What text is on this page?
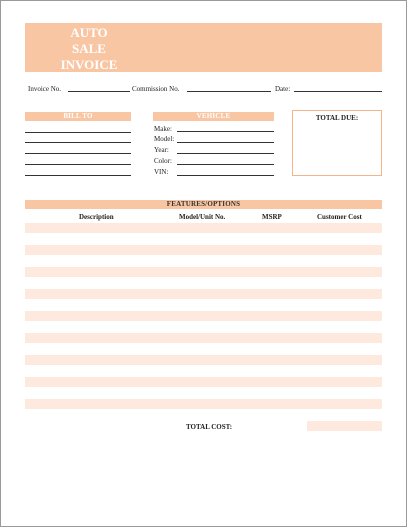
AUTO
SALE
INVOICE
Invoice No.	Commission No.	Date:
BILL TO	VEHICLE
Make:
Model:
Year:
Color:
VIN:
TOTAL DUE:
FEATURES/OPTIONS
Description	Model/Unit No.	MSRP	Customer Cost
TOTAL COST:
